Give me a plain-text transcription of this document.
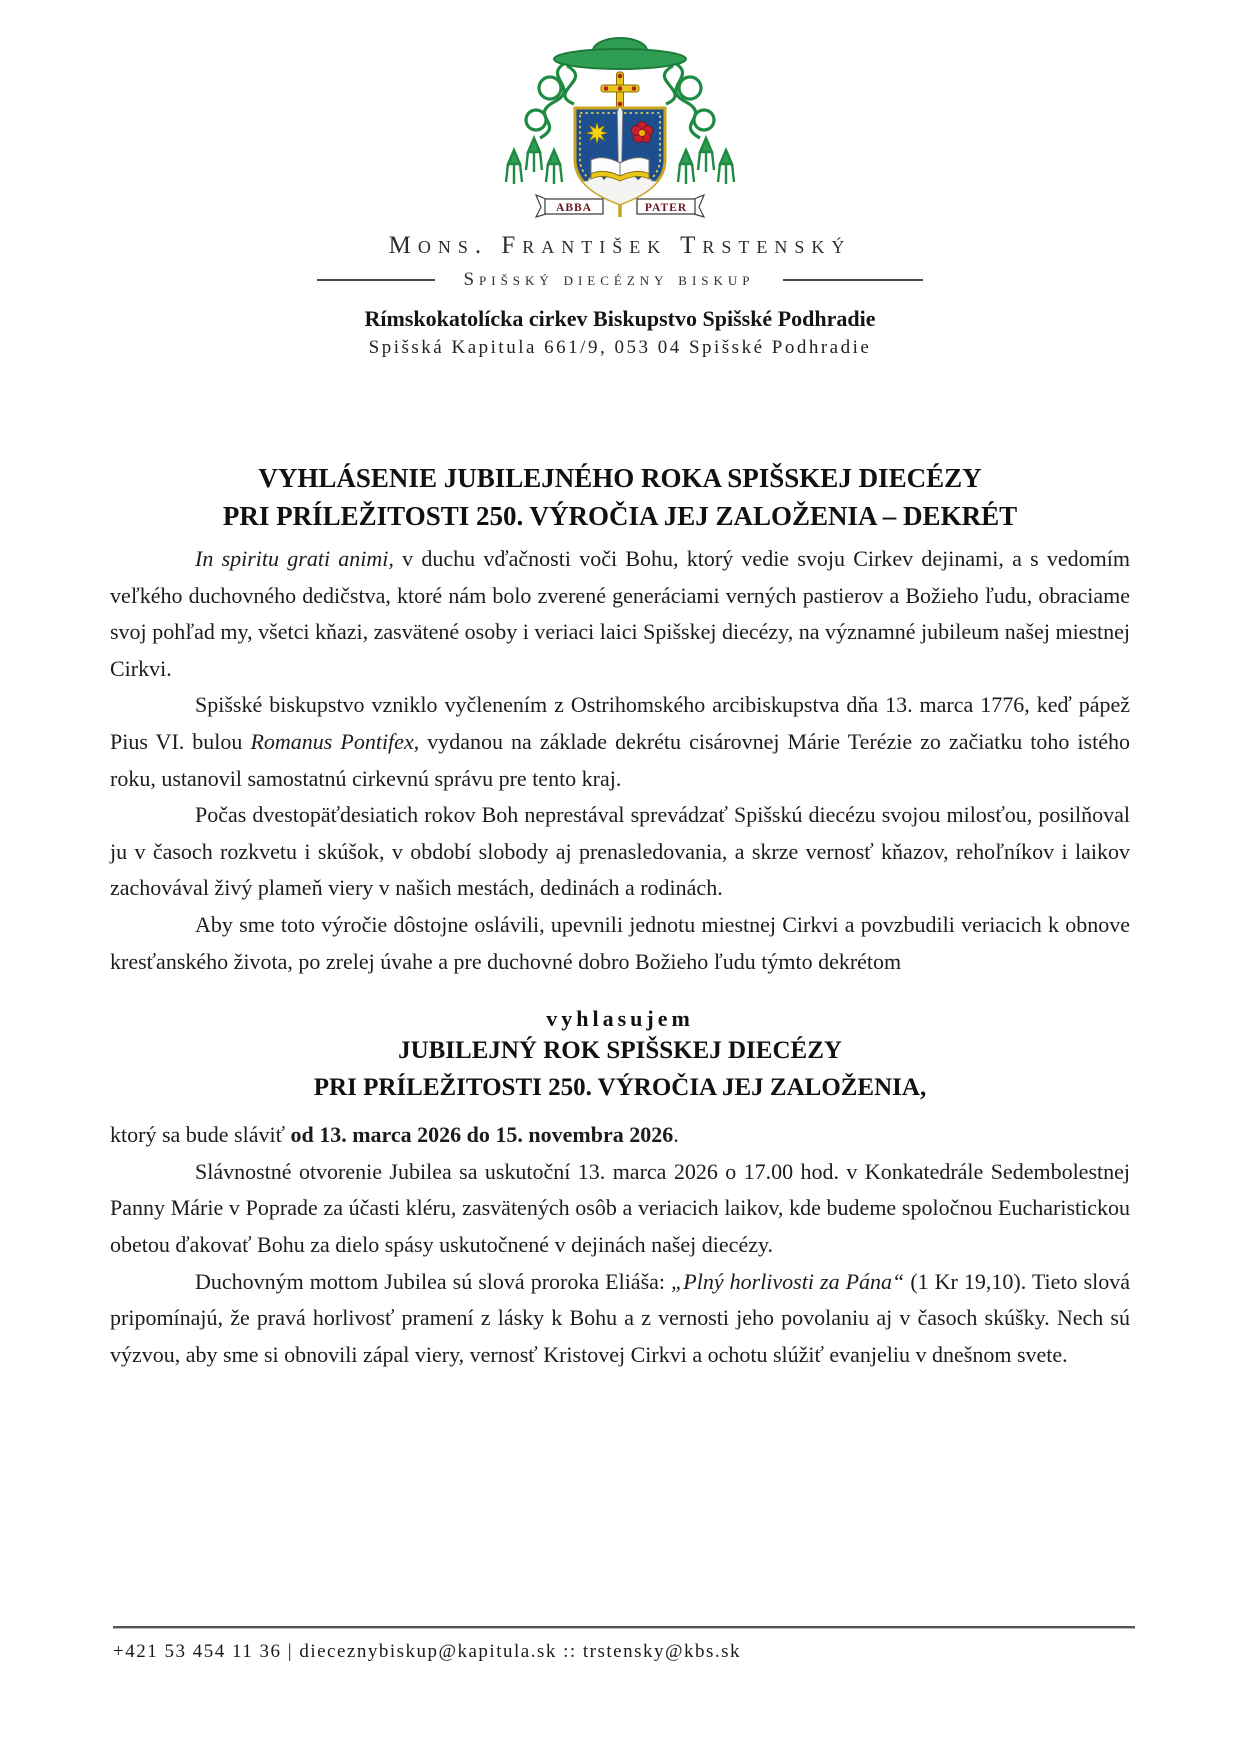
ABBA	PATER
Mons. František Trstenský
Spišský diecézny biskup
Rímskokatolícka cirkev Biskupstvo Spišské Podhradie
Spišská Kapitula 661/9, 053 04 Spišské Podhradie
VYHLÁSENIE JUBILEJNÉHO ROKA SPIŠSKEJ DIECÉZY
PRI PRÍLEŽITOSTI 250. VÝROČIA JEJ ZALOŽENIA – DEKRÉT

In spiritu grati animi, v duchu vďačnosti voči Bohu, ktorý vedie svoju Cirkev dejinami, a s vedomím veľkého duchovného dedičstva, ktoré nám bolo zverené generáciami verných pastierov a Božieho ľudu, obraciame svoj pohľad my, všetci kňazi, zasvätené osoby i veriaci laici Spišskej diecézy, na významné jubileum našej miestnej Cirkvi.

Spišské biskupstvo vzniklo vyčlenením z Ostrihomského arcibiskupstva dňa 13. marca 1776, keď pápež Pius VI. bulou Romanus Pontifex, vydanou na základe dekrétu cisárovnej Márie Terézie zo začiatku toho istého roku, ustanovil samostatnú cirkevnú správu pre tento kraj.

Počas dvestopäťdesiatich rokov Boh neprestával sprevádzať Spišskú diecézu svojou milosťou, posilňoval ju v časoch rozkvetu i skúšok, v období slobody aj prenasledovania, a skrze vernosť kňazov, rehoľníkov i laikov zachovával živý plameň viery v našich mestách, dedinách a rodinách.

Aby sme toto výročie dôstojne oslávili, upevnili jednotu miestnej Cirkvi a povzbudili veriacich k obnove kresťanského života, po zrelej úvahe a pre duchovné dobro Božieho ľudu týmto dekrétom

vyhlasujem
JUBILEJNÝ ROK SPIŠSKEJ DIECÉZY
PRI PRÍLEŽITOSTI 250. VÝROČIA JEJ ZALOŽENIA,

ktorý sa bude sláviť od 13. marca 2026 do 15. novembra 2026.

Slávnostné otvorenie Jubilea sa uskutoční 13. marca 2026 o 17.00 hod. v Konkatedrále Sedembolestnej Panny Márie v Poprade za účasti kléru, zasvätených osôb a veriacich laikov, kde budeme spoločnou Eucharistickou obetou ďakovať Bohu za dielo spásy uskutočnené v dejinách našej diecézy.

Duchovným mottom Jubilea sú slová proroka Eliáša: „Plný horlivosti za Pána“ (1 Kr 19,10). Tieto slová pripomínajú, že pravá horlivosť pramení z lásky k Bohu a z vernosti jeho povolaniu aj v časoch skúšky. Nech sú výzvou, aby sme si obnovili zápal viery, vernosť Kristovej Cirkvi a ochotu slúžiť evanjeliu v dnešnom svete.

+421 53 454 11 36 | dieceznybiskup@kapitula.sk :: trstensky@kbs.sk
